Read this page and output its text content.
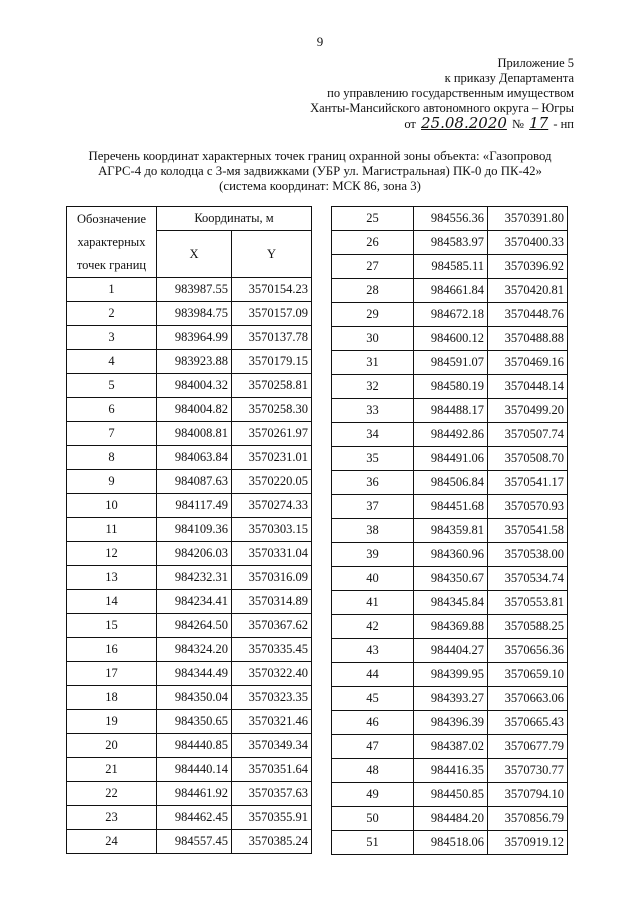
9
Приложение 5
к приказу Департамента
по управлению государственным имуществом
Ханты-Мансийского автономного округа – Югры
от 25.08.2020 № 17 - нп
Перечень координат характерных точек границ охранной зоны объекта: «Газопровод
АГРС-4 до колодца с 3-мя задвижками (УБР ул. Магистральная) ПК-0 до ПК-42»
(система координат: МСК 86, зона 3)
Обозначение
характерных
точек границ	Координаты, м	
	X	Y

1	983987.55	3570154.23
2	983984.75	3570157.09
3	983964.99	3570137.78
4	983923.88	3570179.15
5	984004.32	3570258.81
6	984004.82	3570258.30
7	984008.81	3570261.97
8	984063.84	3570231.01
9	984087.63	3570220.05
10	984117.49	3570274.33
11	984109.36	3570303.15
12	984206.03	3570331.04
13	984232.31	3570316.09
14	984234.41	3570314.89
15	984264.50	3570367.62
16	984324.20	3570335.45
17	984344.49	3570322.40
18	984350.04	3570323.35
19	984350.65	3570321.46
20	984440.85	3570349.34
21	984440.14	3570351.64
22	984461.92	3570357.63
23	984462.45	3570355.91
24	984557.45	3570385.24
25	984556.36	3570391.80
26	984583.97	3570400.33
27	984585.11	3570396.92
28	984661.84	3570420.81
29	984672.18	3570448.76
30	984600.12	3570488.88
31	984591.07	3570469.16
32	984580.19	3570448.14
33	984488.17	3570499.20
34	984492.86	3570507.74
35	984491.06	3570508.70
36	984506.84	3570541.17
37	984451.68	3570570.93
38	984359.81	3570541.58
39	984360.96	3570538.00
40	984350.67	3570534.74
41	984345.84	3570553.81
42	984369.88	3570588.25
43	984404.27	3570656.36
44	984399.95	3570659.10
45	984393.27	3570663.06
46	984396.39	3570665.43
47	984387.02	3570677.79
48	984416.35	3570730.77
49	984450.85	3570794.10
50	984484.20	3570856.79
51	984518.06	3570919.12
